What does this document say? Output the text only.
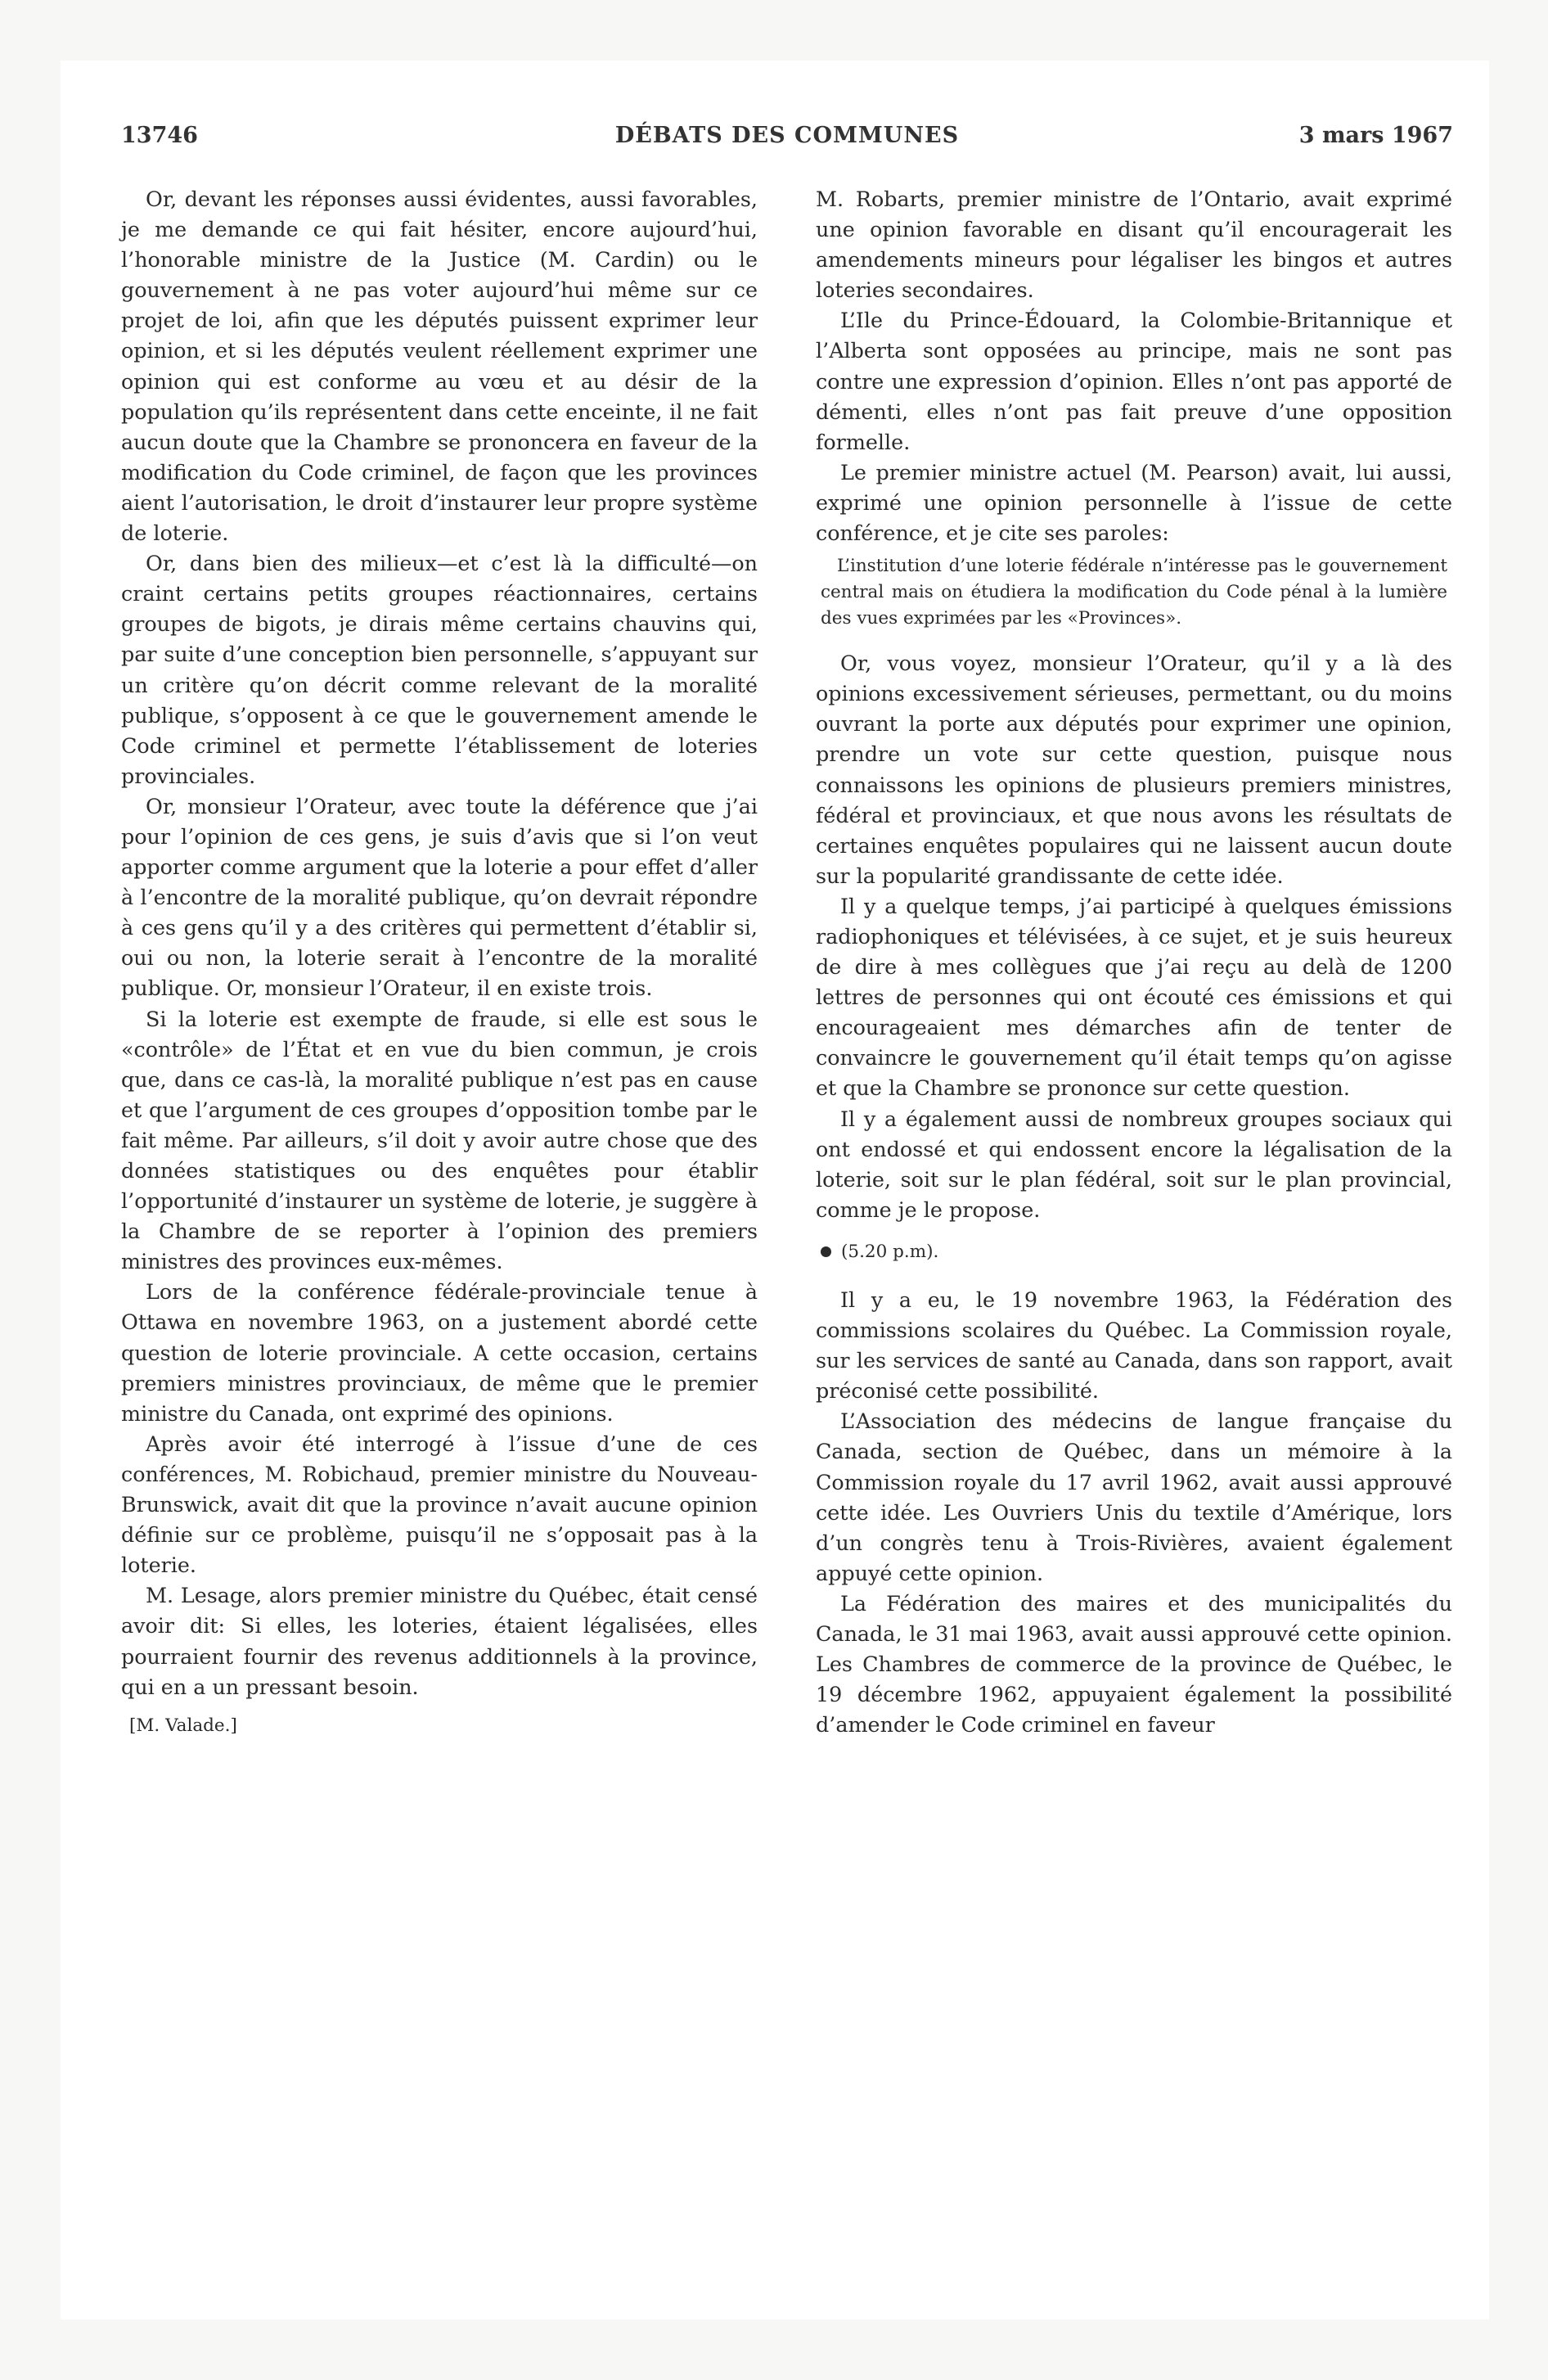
13746	DÉBATS DES COMMUNES	3 mars 1967

Or, devant les réponses aussi évidentes, aussi favorables, je me demande ce qui fait hésiter, encore aujourd’hui, l’honorable ministre de la Justice (M. Cardin) ou le gouvernement à ne pas voter aujourd’hui même sur ce projet de loi, afin que les députés puissent exprimer leur opinion, et si les députés veulent réellement exprimer une opinion qui est conforme au vœu et au désir de la population qu’ils représentent dans cette enceinte, il ne fait aucun doute que la Chambre se prononcera en faveur de la modification du Code criminel, de façon que les provinces aient l’autorisation, le droit d’instaurer leur propre système de loterie.

Or, dans bien des milieux—et c’est là la difficulté—on craint certains petits groupes réactionnaires, certains groupes de bigots, je dirais même certains chauvins qui, par suite d’une conception bien personnelle, s’appuyant sur un critère qu’on décrit comme relevant de la moralité publique, s’opposent à ce que le gouvernement amende le Code criminel et permette l’établissement de loteries provinciales.

Or, monsieur l’Orateur, avec toute la déférence que j’ai pour l’opinion de ces gens, je suis d’avis que si l’on veut apporter comme argument que la loterie a pour effet d’aller à l’encontre de la moralité publique, qu’on devrait répondre à ces gens qu’il y a des critères qui permettent d’établir si, oui ou non, la loterie serait à l’encontre de la moralité publique. Or, monsieur l’Orateur, il en existe trois.

Si la loterie est exempte de fraude, si elle est sous le «contrôle» de l’État et en vue du bien commun, je crois que, dans ce cas-là, la moralité publique n’est pas en cause et que l’argument de ces groupes d’opposition tombe par le fait même. Par ailleurs, s’il doit y avoir autre chose que des données statistiques ou des enquêtes pour établir l’opportunité d’instaurer un système de loterie, je suggère à la Chambre de se reporter à l’opinion des premiers ministres des provinces eux-mêmes.

Lors de la conférence fédérale-provinciale tenue à Ottawa en novembre 1963, on a justement abordé cette question de loterie provinciale. A cette occasion, certains premiers ministres provinciaux, de même que le premier ministre du Canada, ont exprimé des opinions.

Après avoir été interrogé à l’issue d’une de ces conférences, M. Robichaud, premier ministre du Nouveau-Brunswick, avait dit que la province n’avait aucune opinion définie sur ce problème, puisqu’il ne s’opposait pas à la loterie.

M. Lesage, alors premier ministre du Québec, était censé avoir dit: Si elles, les loteries, étaient légalisées, elles pourraient fournir des revenus additionnels à la province, qui en a un pressant besoin.

[M. Valade.]

M. Robarts, premier ministre de l’Ontario, avait exprimé une opinion favorable en disant qu’il encouragerait les amendements mineurs pour légaliser les bingos et autres loteries secondaires.

L’Ile du Prince-Édouard, la Colombie-Britannique et l’Alberta sont opposées au principe, mais ne sont pas contre une expression d’opinion. Elles n’ont pas apporté de démenti, elles n’ont pas fait preuve d’une opposition formelle.

Le premier ministre actuel (M. Pearson) avait, lui aussi, exprimé une opinion personnelle à l’issue de cette conférence, et je cite ses paroles:

L’institution d’une loterie fédérale n’intéresse pas le gouvernement central mais on étudiera la modification du Code pénal à la lumière des vues exprimées par les «Provinces».

Or, vous voyez, monsieur l’Orateur, qu’il y a là des opinions excessivement sérieuses, permettant, ou du moins ouvrant la porte aux députés pour exprimer une opinion, prendre un vote sur cette question, puisque nous connaissons les opinions de plusieurs premiers ministres, fédéral et provinciaux, et que nous avons les résultats de certaines enquêtes populaires qui ne laissent aucun doute sur la popularité grandissante de cette idée.

Il y a quelque temps, j’ai participé à quelques émissions radiophoniques et télévisées, à ce sujet, et je suis heureux de dire à mes collègues que j’ai reçu au delà de 1200 lettres de personnes qui ont écouté ces émissions et qui encourageaient mes démarches afin de tenter de convaincre le gouvernement qu’il était temps qu’on agisse et que la Chambre se prononce sur cette question.

Il y a également aussi de nombreux groupes sociaux qui ont endossé et qui endossent encore la légalisation de la loterie, soit sur le plan fédéral, soit sur le plan provincial, comme je le propose.

(5.20 p.m).

Il y a eu, le 19 novembre 1963, la Fédération des commissions scolaires du Québec. La Commission royale, sur les services de santé au Canada, dans son rapport, avait préconisé cette possibilité.

L’Association des médecins de langue française du Canada, section de Québec, dans un mémoire à la Commission royale du 17 avril 1962, avait aussi approuvé cette idée. Les Ouvriers Unis du textile d’Amérique, lors d’un congrès tenu à Trois-Rivières, avaient également appuyé cette opinion.

La Fédération des maires et des municipalités du Canada, le 31 mai 1963, avait aussi approuvé cette opinion. Les Chambres de commerce de la province de Québec, le 19 décembre 1962, appuyaient également la possibilité d’amender le Code criminel en faveur
